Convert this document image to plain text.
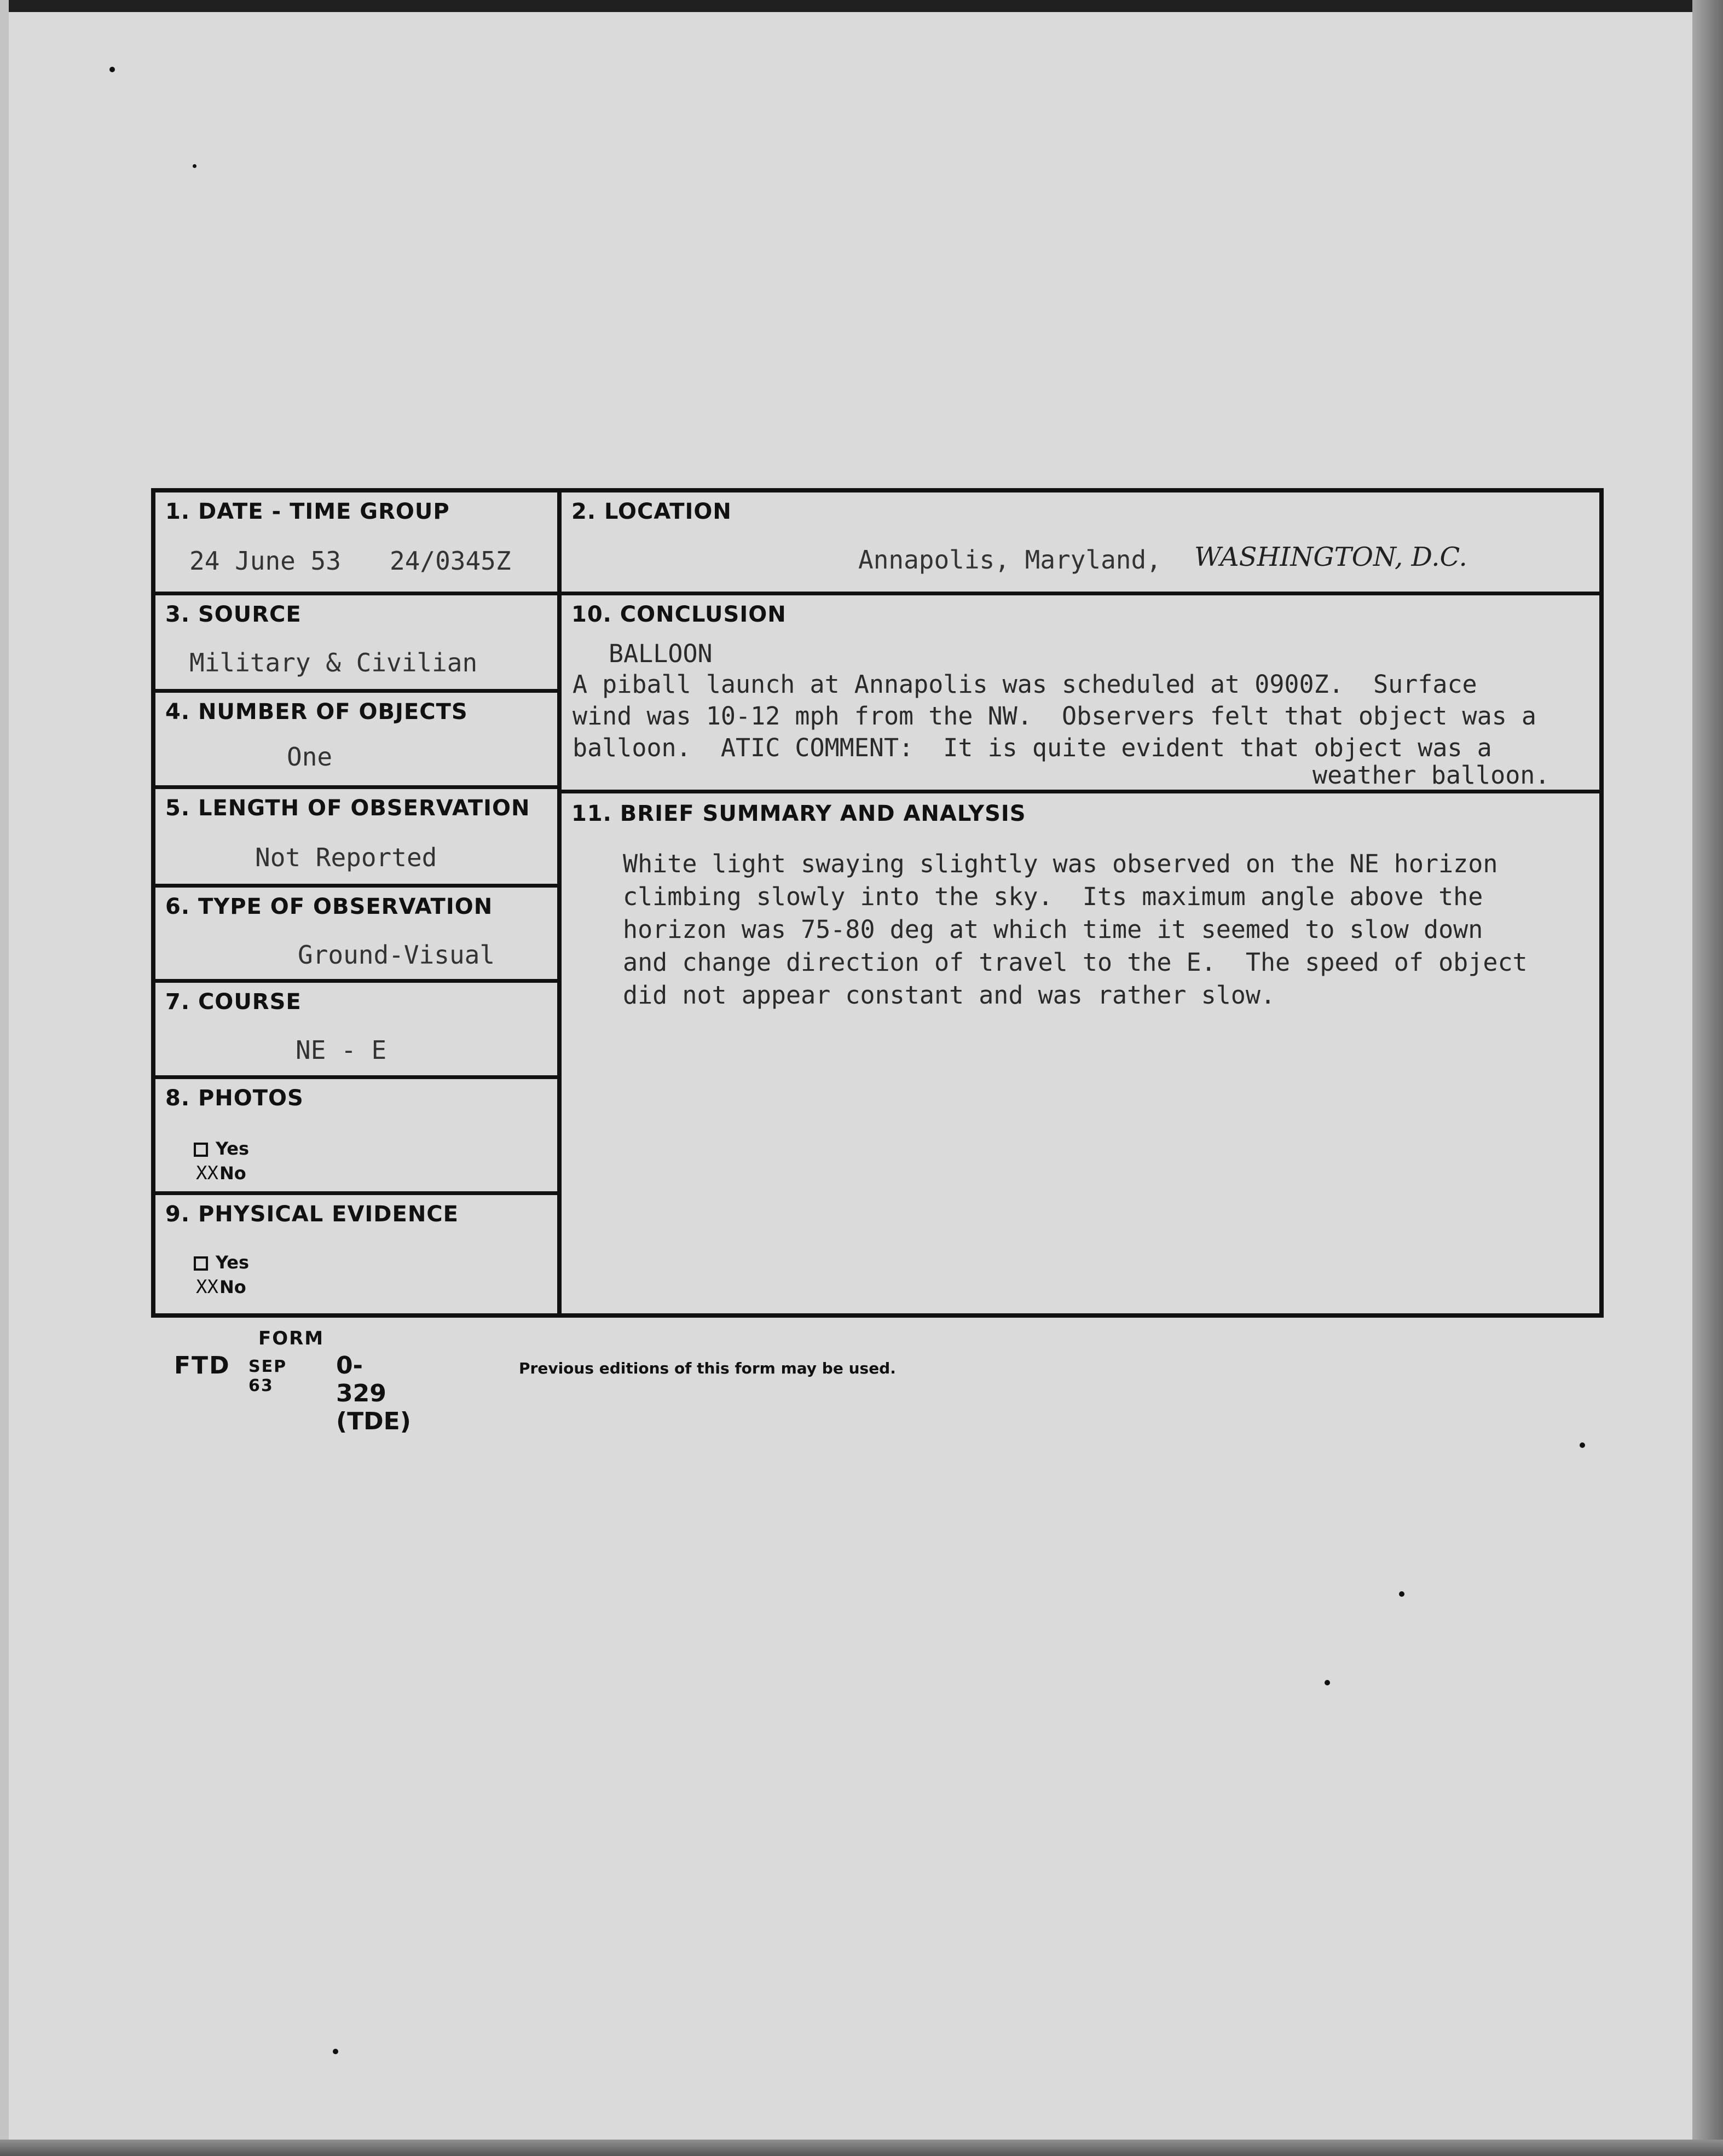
1. DATE - TIME GROUP
24 June 53 24/0345Z
3. SOURCE
Military & Civilian
4. NUMBER OF OBJECTS
One
5. LENGTH OF OBSERVATION
Not Reported
6. TYPE OF OBSERVATION
Ground-Visual
7. COURSE
NE - E
8. PHOTOS
Yes
XXNo
9. PHYSICAL EVIDENCE
Yes
XXNo
2. LOCATION
Annapolis, Maryland, WASHINGTON, D.C.
10. CONCLUSION
BALLOON
A piball launch at Annapolis was scheduled at 0900Z.  Surface
wind was 10-12 mph from the NW.  Observers felt that object was a
balloon.  ATIC COMMENT:  It is quite evident that object was a
weather balloon.
11. BRIEF SUMMARY AND ANALYSIS
White light swaying slightly was observed on the NE horizon
climbing slowly into the sky.  Its maximum angle above the
horizon was 75-80 deg at which time it seemed to slow down
and change direction of travel to the E.  The speed of object
did not appear constant and was rather slow.
FORM
FTD SEP 63
0-329 (TDE)
Previous editions of this form may be used.
